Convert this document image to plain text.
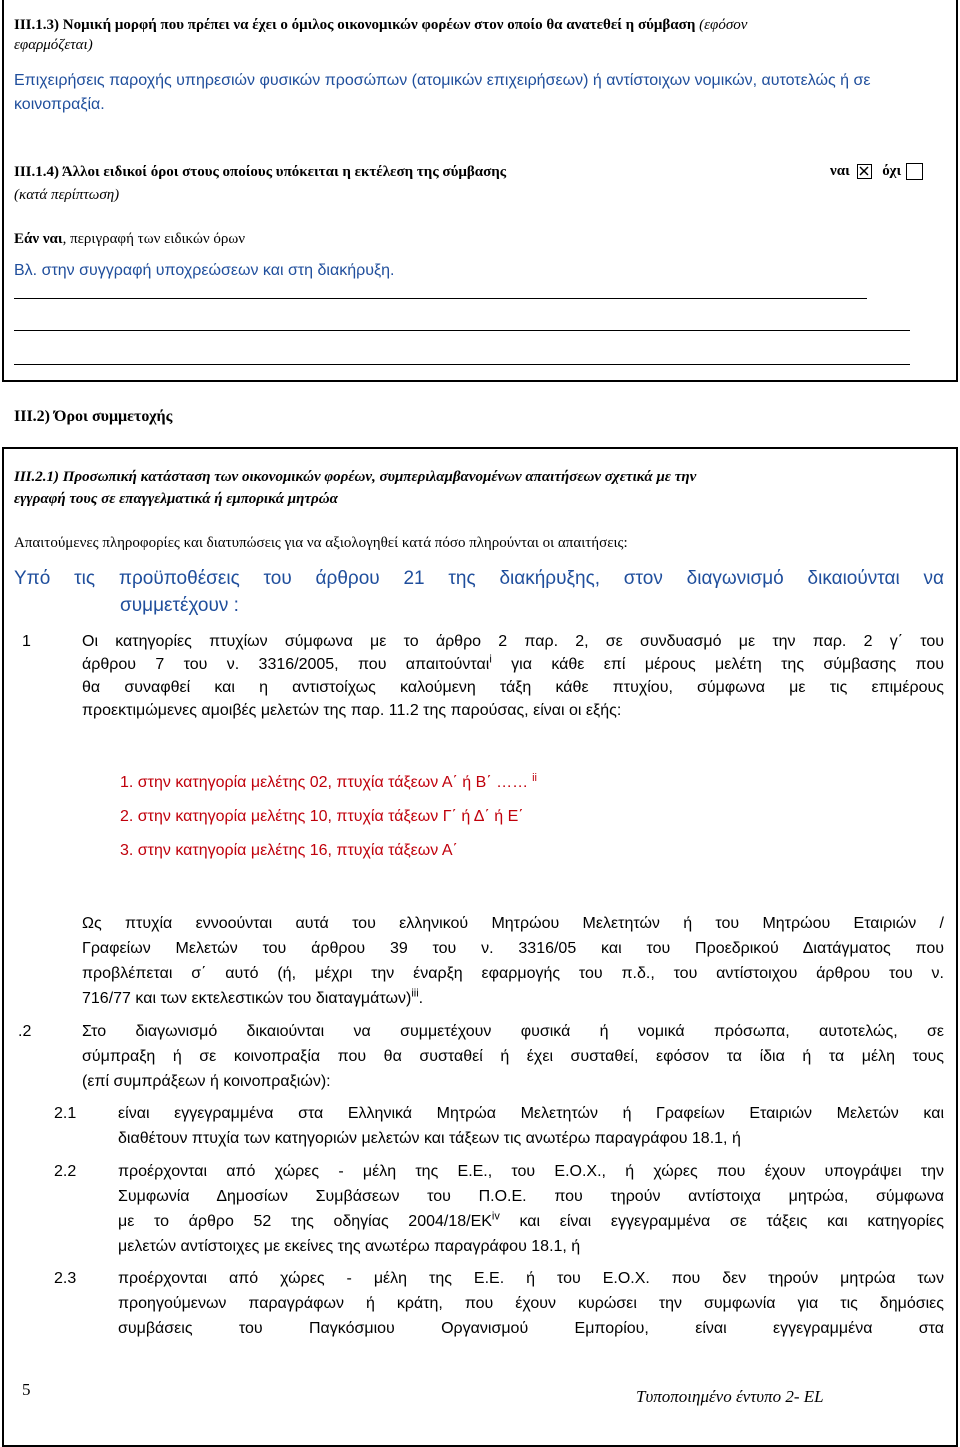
ΙΙΙ.1.3) Νομική μορφή που πρέπει να έχει ο όμιλος οικονομικών φορέων στον οποίο θα ανατεθεί η σύμβαση (εφόσον
εφαρμόζεται)
Επιχειρήσεις παροχής υπηρεσιών φυσικών προσώπων (ατομικών επιχειρήσεων) ή αντίστοιχων νομικών, αυτοτελώς ή σε κοινοπραξία.
ΙΙΙ.1.4) Άλλοι ειδικοί όροι στους οποίους υπόκειται η εκτέλεση της σύμβασης	ναι όχι
(κατά περίπτωση)
Εάν ναι, περιγραφή των ειδικών όρων
Βλ. στην συγγραφή υποχρεώσεων και στη διακήρυξη.
ΙΙΙ.2) Όροι συμμετοχής
ΙΙΙ.2.1) Προσωπική κατάσταση των οικονομικών φορέων, συμπεριλαμβανομένων απαιτήσεων σχετικά με την
εγγραφή τους σε επαγγελματικά ή εμπορικά μητρώα
Απαιτούμενες πληροφορίες και διατυπώσεις για να αξιολογηθεί κατά πόσο πληρούνται οι απαιτήσεις:
Υπό τις προϋποθέσεις του άρθρου 21 της διακήρυξης, στον διαγωνισμό δικαιούνται να
συμμετέχουν :
1	Οι κατηγορίες πτυχίων σύμφωνα με το άρθρο 2 παρ. 2, σε συνδυασμό με την παρ. 2 γ΄ του
άρθρου 7 του ν. 3316/2005, που απαιτούνται$^i$ για κάθε επί μέρους μελέτη της σύμβασης που
θα συναφθεί και η αντιστοίχως καλούμενη τάξη κάθε πτυχίου, σύμφωνα με τις επιμέρους
προεκτιμώμενες αμοιβές μελετών της παρ. 11.2 της παρούσας, είναι οι εξής:
1. στην κατηγορία μελέτης 02, πτυχία τάξεων Α΄ ή Β΄ …… $^{ii}$
2. στην κατηγορία μελέτης 10, πτυχία τάξεων Γ΄ ή Δ΄ ή Ε΄
3. στην κατηγορία μελέτης 16, πτυχία τάξεων Α΄
Ως πτυχία εννοούνται αυτά του ελληνικού Μητρώου Μελετητών ή του Μητρώου Εταιριών /
Γραφείων Μελετών του άρθρου 39 του ν. 3316/05 και του Προεδρικού Διατάγματος που
προβλέπεται σ΄ αυτό (ή, μέχρι την έναρξη εφαρμογής του π.δ., του αντίστοιχου άρθρου του ν.
716/77 και των εκτελεστικών του διαταγμάτων)$^{iii}$.
.2	Στο διαγωνισμό δικαιούνται να συμμετέχουν φυσικά ή νομικά πρόσωπα, αυτοτελώς, σε
σύμπραξη ή σε κοινοπραξία που θα συσταθεί ή έχει συσταθεί, εφόσον τα ίδια ή τα μέλη τους
(επί συμπράξεων ή κοινοπραξιών):
2.1	είναι εγγεγραμμένα στα Ελληνικά Μητρώα Μελετητών ή Γραφείων Εταιριών Μελετών και
διαθέτουν πτυχία των κατηγοριών μελετών και τάξεων τις ανωτέρω παραγράφου 18.1, ή
2.2	προέρχονται από χώρες - μέλη της Ε.Ε., του Ε.Ο.Χ., ή χώρες που έχουν υπογράψει την
Συμφωνία Δημοσίων Συμβάσεων του Π.Ο.Ε. που τηρούν αντίστοιχα μητρώα, σύμφωνα
με το άρθρο 52 της οδηγίας 2004/18/ΕΚ$^{iv}$ και είναι εγγεγραμμένα σε τάξεις και κατηγορίες
μελετών αντίστοιχες με εκείνες της ανωτέρω παραγράφου 18.1, ή
2.3	προέρχονται από χώρες - μέλη της Ε.Ε. ή του Ε.Ο.Χ. που δεν τηρούν μητρώα των
προηγούμενων παραγράφων ή κράτη, που έχουν κυρώσει την συμφωνία για τις δημόσιες
συμβάσεις του Παγκόσμιου Οργανισμού Εμπορίου, είναι εγγεγραμμένα στα
5	Τυποποιημένο έντυπο 2- EL
